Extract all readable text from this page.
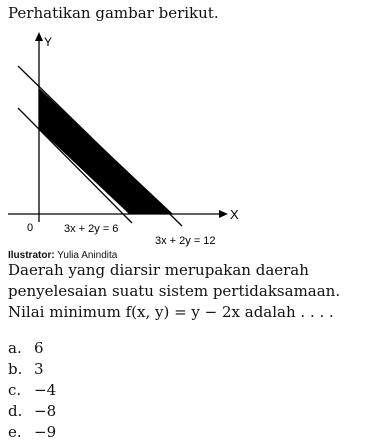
Perhatikan gambar berikut.
Y
X
0	3x + 2y = 6
3x + 2y = 12
Ilustrator: Yulia Anindita
Daerah yang diarsir merupakan daerah penyelesaian suatu sistem pertidaksamaan. Nilai minimum f(x, y) = y − 2x adalah . . . .
a. 6
b. 3
c. −4
d. −8
e. −9
